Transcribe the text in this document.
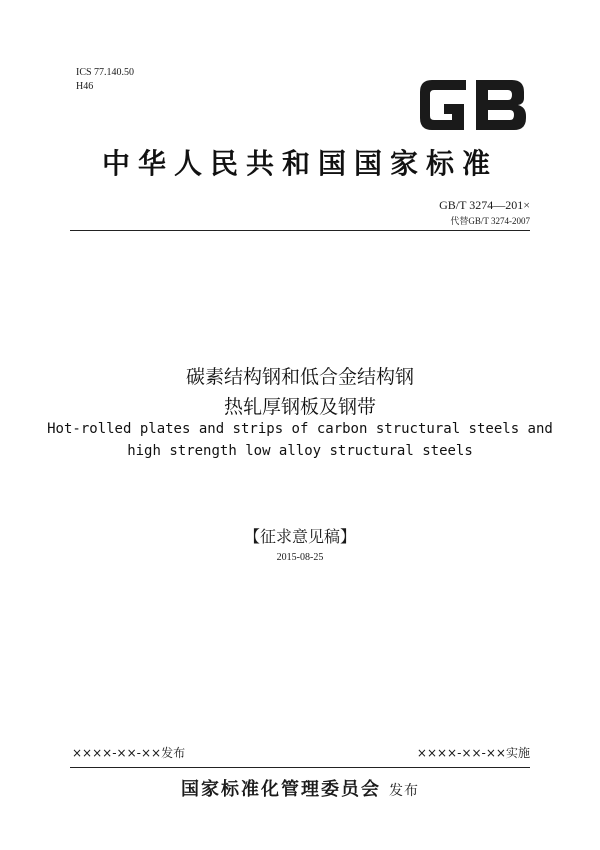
ICS 77.140.50
H46
中华人民共和国国家标准
GB/T 3274—201×
代替GB/T 3274-2007
碳素结构钢和低合金结构钢
热轧厚钢板及钢带
Hot-rolled plates and strips of carbon structural steels and
high strength low alloy structural steels
【征求意见稿】
2015-08-25
××××-××-××发布	××××-××-××实施
国家标准化管理委员会 发布
